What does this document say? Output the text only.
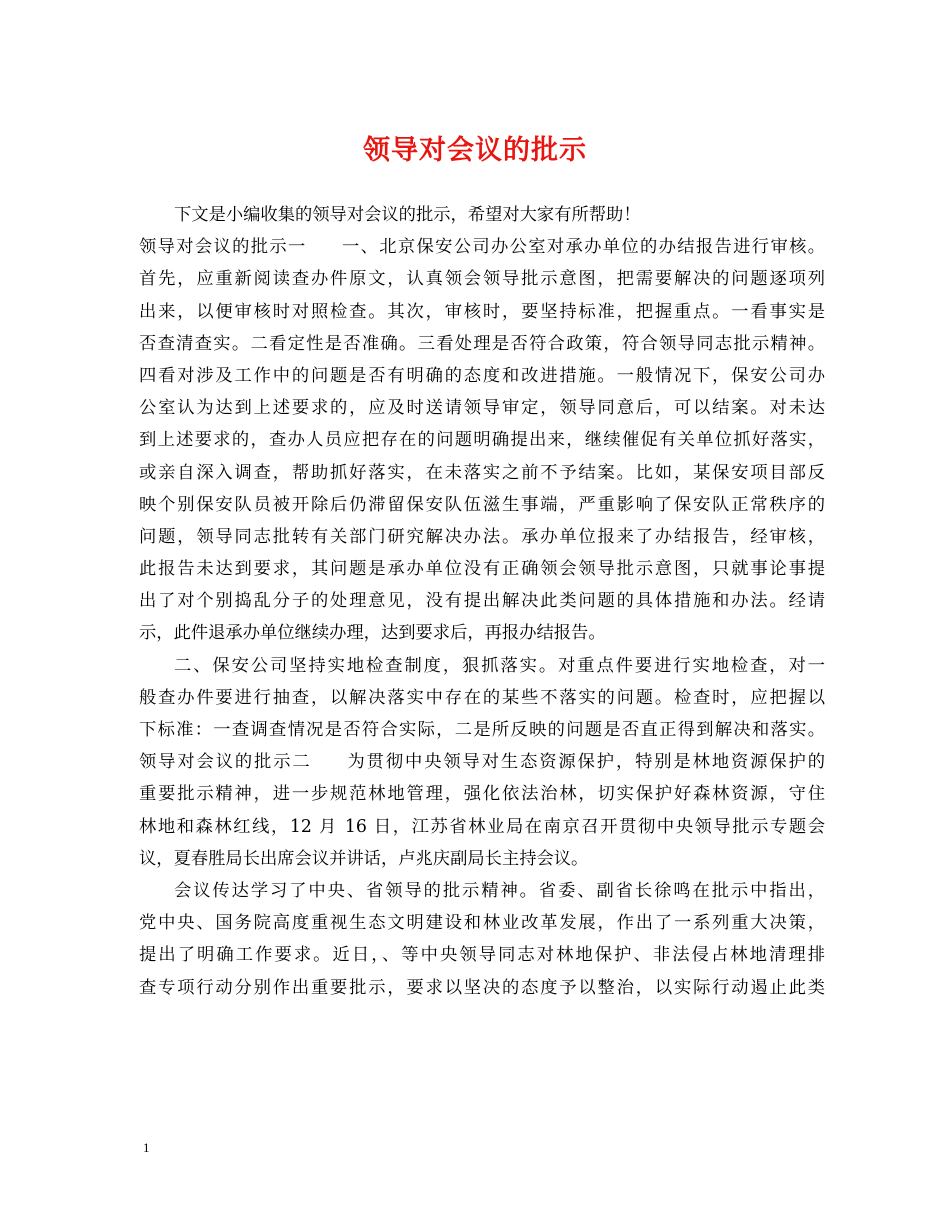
领导对会议的批示
下文是小编收集的领导对会议的批示，希望对大家有所帮助！
领导对会议的批示一 一、北京保安公司办公室对承办单位的办结报告进行审核。
首先，应重新阅读查办件原文，认真领会领导批示意图，把需要解决的问题逐项列
出来，以便审核时对照检查。其次，审核时，要坚持标准，把握重点。一看事实是
否查清查实。二看定性是否准确。三看处理是否符合政策，符合领导同志批示精神。
四看对涉及工作中的问题是否有明确的态度和改进措施。一般情况下，保安公司办
公室认为达到上述要求的，应及时送请领导审定，领导同意后，可以结案。对未达
到上述要求的，查办人员应把存在的问题明确提出来，继续催促有关单位抓好落实，
或亲自深入调查，帮助抓好落实，在未落实之前不予结案。比如，某保安项目部反
映个别保安队员被开除后仍滞留保安队伍滋生事端，严重影响了保安队正常秩序的
问题，领导同志批转有关部门研究解决办法。承办单位报来了办结报告，经审核，
此报告未达到要求，其问题是承办单位没有正确领会领导批示意图，只就事论事提
出了对个别捣乱分子的处理意见，没有提出解决此类问题的具体措施和办法。经请
示，此件退承办单位继续办理，达到要求后，再报办结报告。
二、保安公司坚持实地检查制度，狠抓落实。对重点件要进行实地检查，对一
般查办件要进行抽查，以解决落实中存在的某些不落实的问题。检查时，应把握以
下标准：一查调查情况是否符合实际，二是所反映的问题是否直正得到解决和落实。
领导对会议的批示二 为贯彻中央领导对生态资源保护，特别是林地资源保护的
重要批示精神，进一步规范林地管理，强化依法治林，切实保护好森林资源，守住
林地和森林红线，12 月 16 日，江苏省林业局在南京召开贯彻中央领导批示专题会
议，夏春胜局长出席会议并讲话，卢兆庆副局长主持会议。
会议传达学习了中央、省领导的批示精神。省委、副省长徐鸣在批示中指出，
党中央、国务院高度重视生态文明建设和林业改革发展，作出了一系列重大决策，
提出了明确工作要求。近日，、等中央领导同志对林地保护、非法侵占林地清理排
查专项行动分别作出重要批示，要求以坚决的态度予以整治，以实际行动遏止此类
1
